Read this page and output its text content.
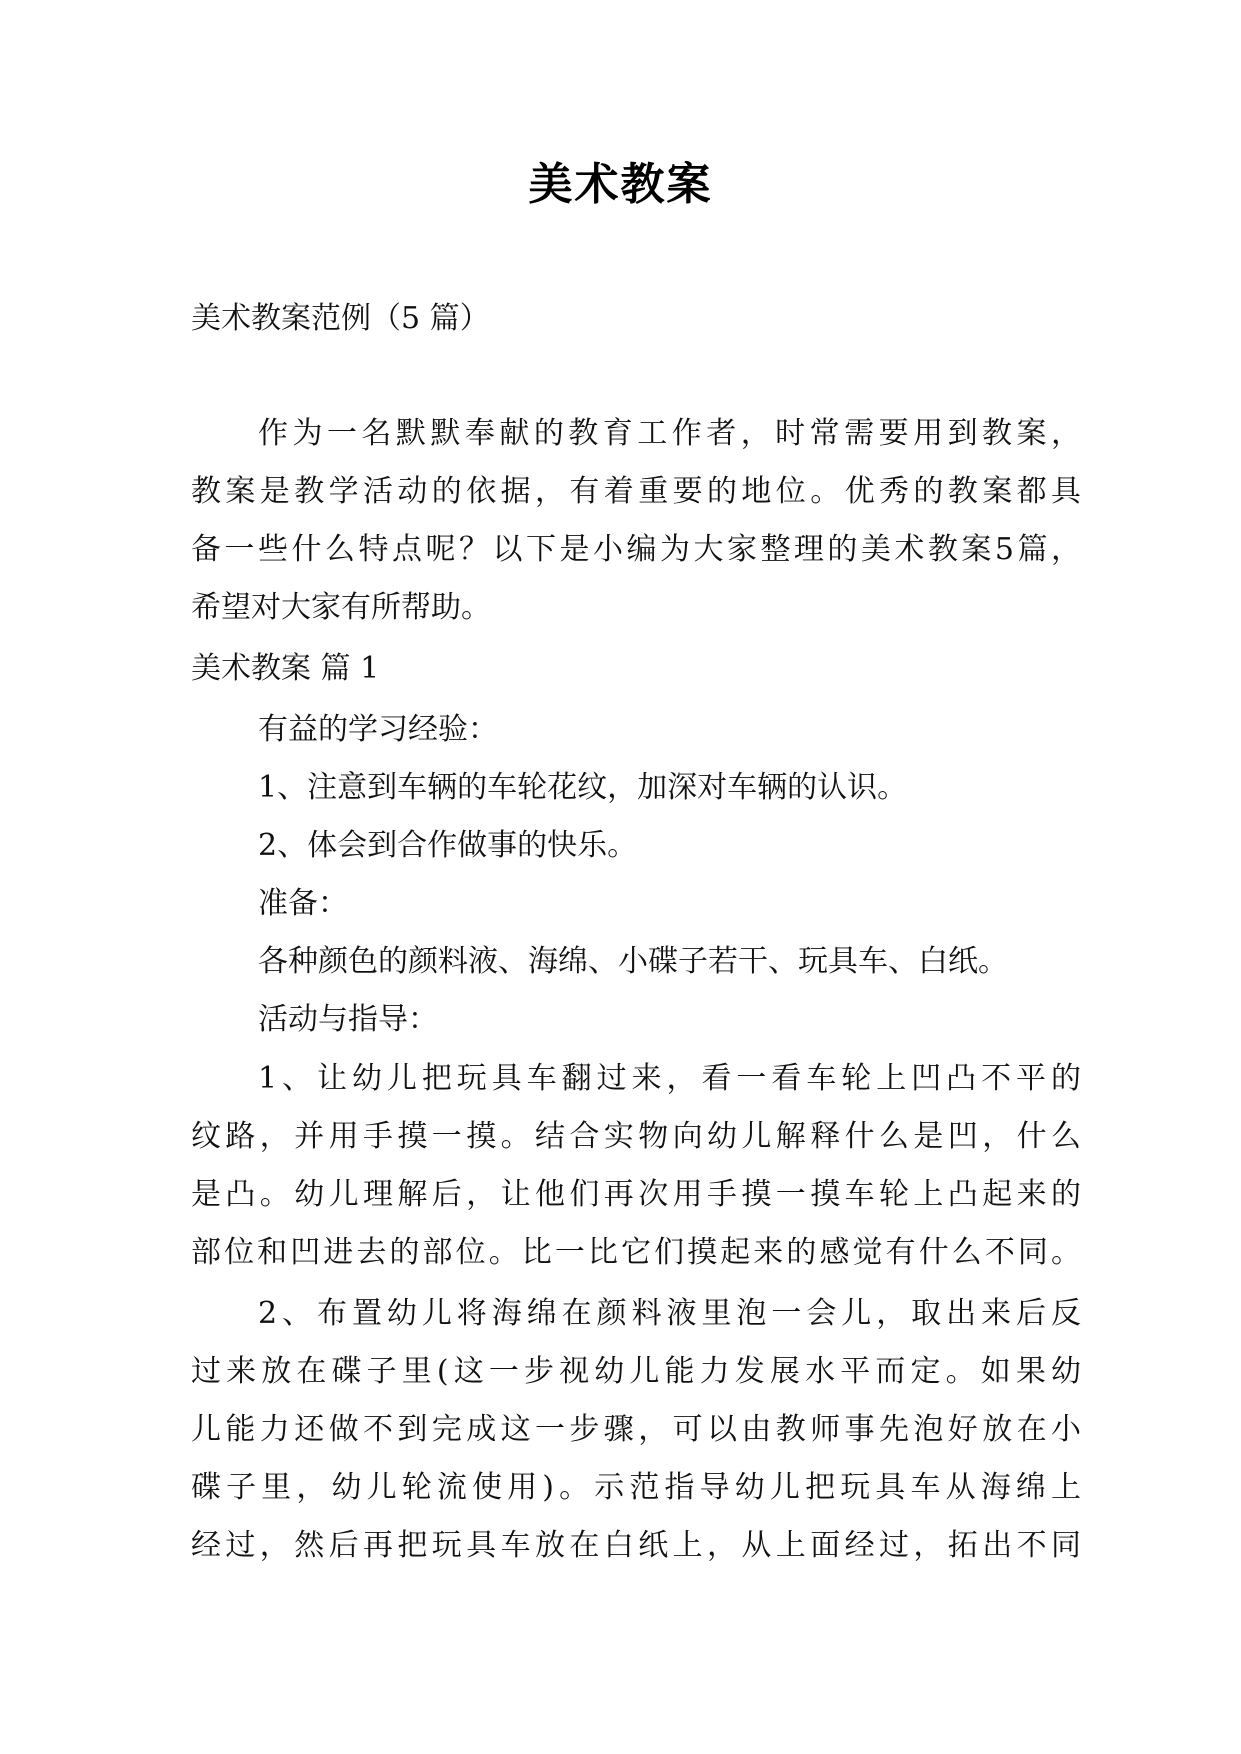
美术教案

美术教案范例（5 篇）

作为一名默默奉献的教育工作者，时常需要用到教案，

教案是教学活动的依据，有着重要的地位。优秀的教案都具

备一些什么特点呢？以下是小编为大家整理的美术教案5篇，

希望对大家有所帮助。

美术教案 篇 1

有益的学习经验：

1、注意到车辆的车轮花纹，加深对车辆的认识。

2、体会到合作做事的快乐。

准备：

各种颜色的颜料液、海绵、小碟子若干、玩具车、白纸。

活动与指导：

1、让幼儿把玩具车翻过来，看一看车轮上凹凸不平的

纹路，并用手摸一摸。结合实物向幼儿解释什么是凹，什么

是凸。幼儿理解后，让他们再次用手摸一摸车轮上凸起来的

部位和凹进去的部位。比一比它们摸起来的感觉有什么不同。

2、布置幼儿将海绵在颜料液里泡一会儿，取出来后反

过来放在碟子里(这一步视幼儿能力发展水平而定。如果幼

儿能力还做不到完成这一步骤，可以由教师事先泡好放在小

碟子里，幼儿轮流使用)。示范指导幼儿把玩具车从海绵上

经过，然后再把玩具车放在白纸上，从上面经过，拓出不同
